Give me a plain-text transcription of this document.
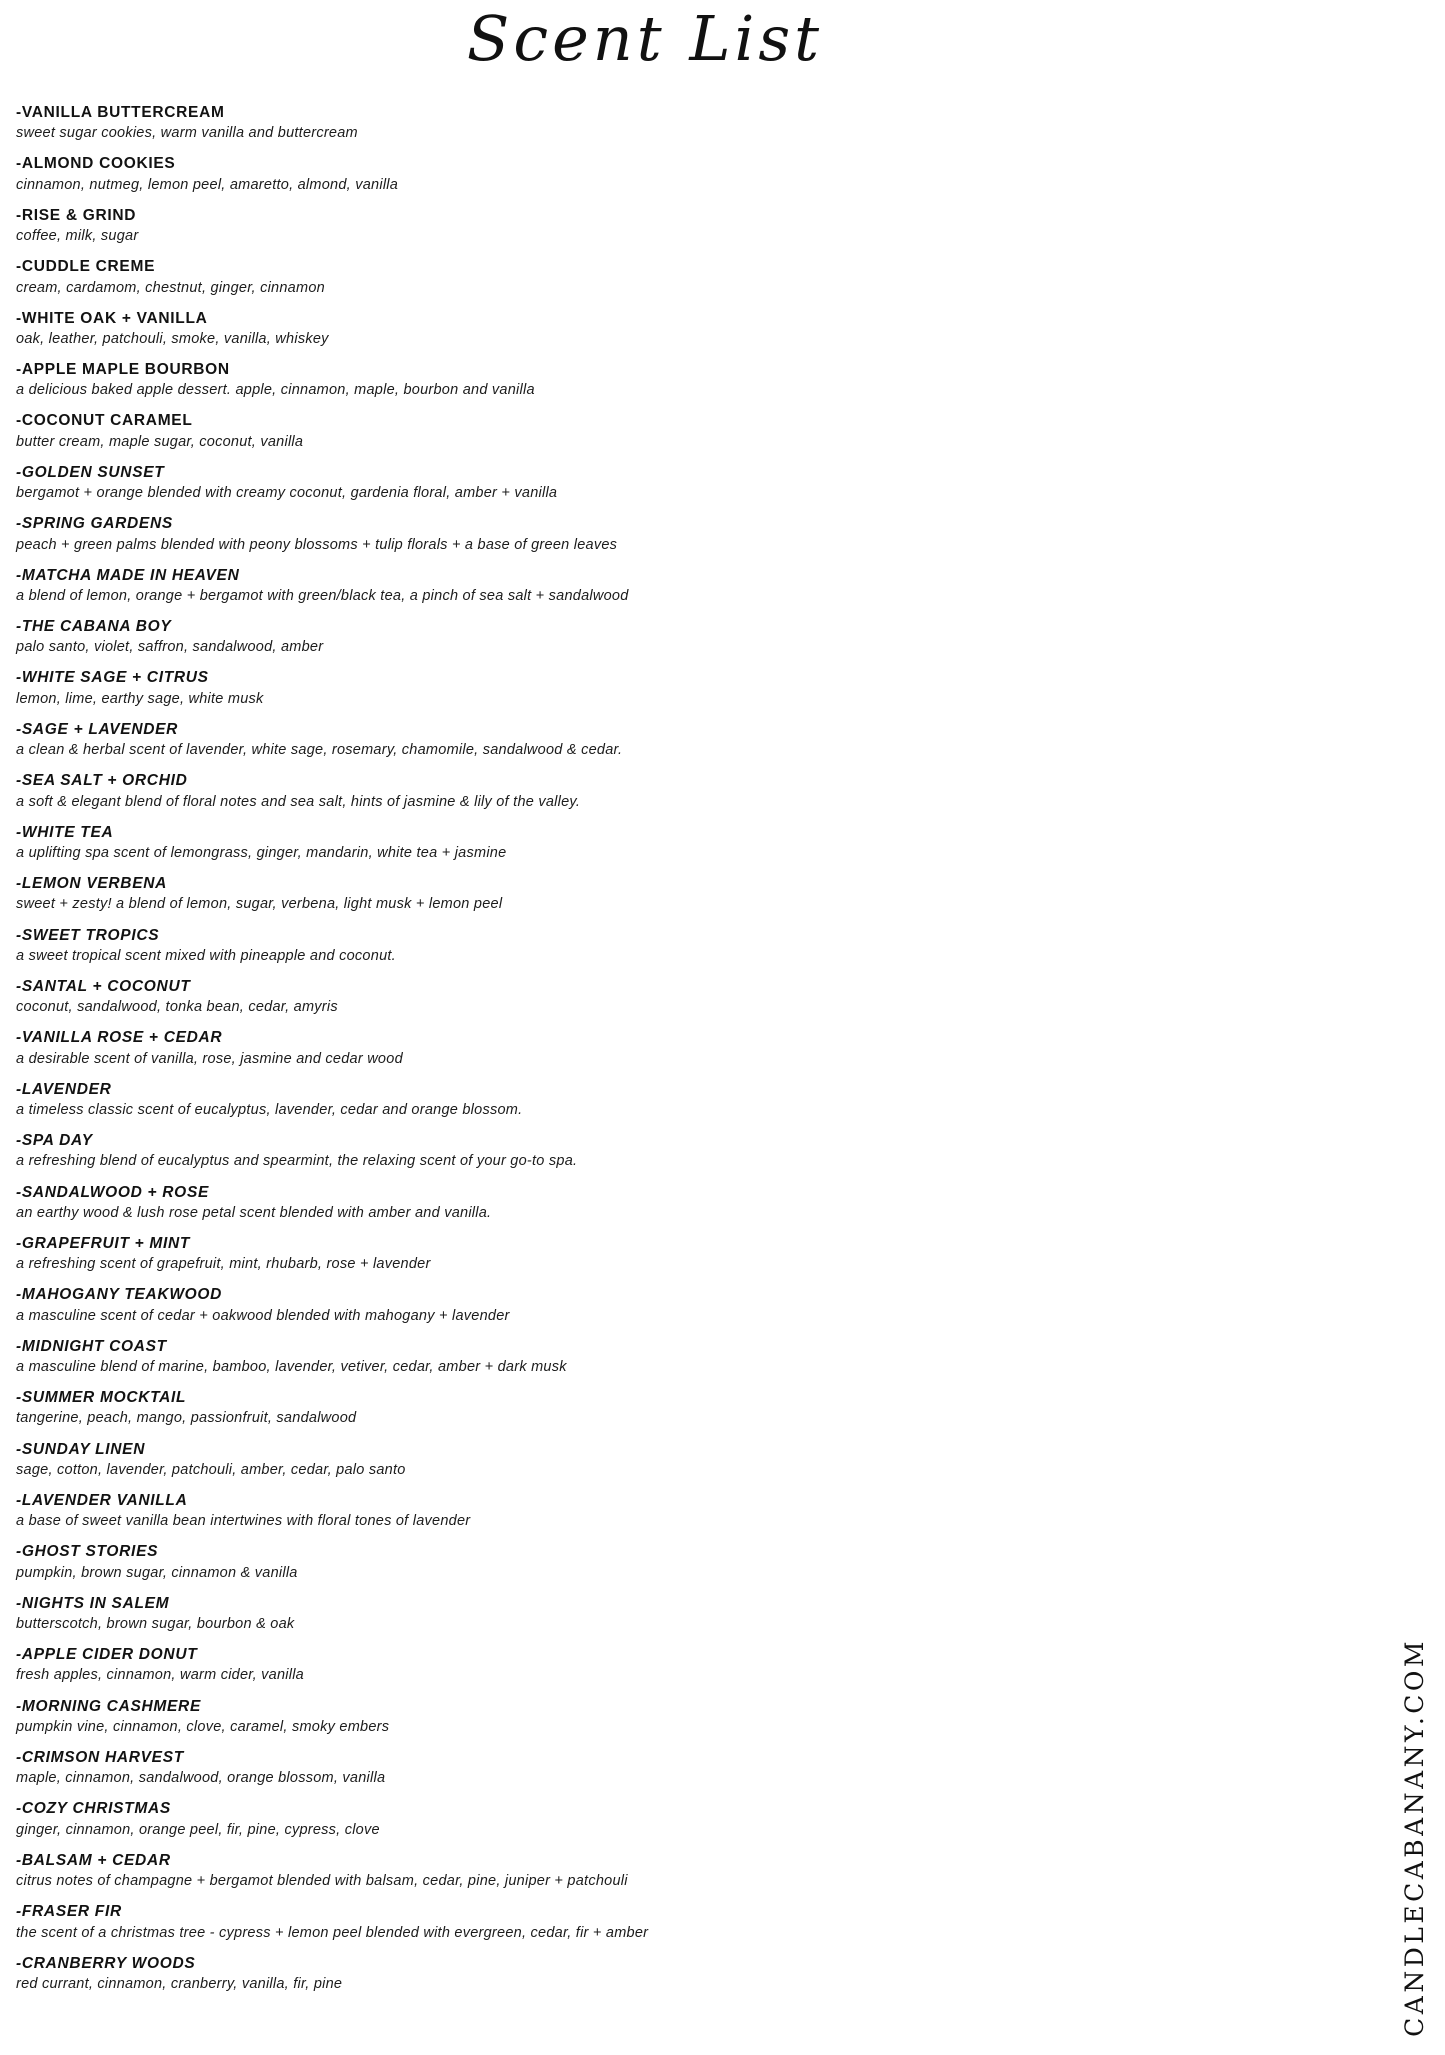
Scent List
-VANILLA BUTTERCREAM
sweet sugar cookies, warm vanilla and buttercream
-ALMOND COOKIES
cinnamon, nutmeg, lemon peel, amaretto, almond, vanilla
-RISE & GRIND
coffee, milk, sugar
-CUDDLE CREME
cream, cardamom, chestnut, ginger, cinnamon
-WHITE OAK + VANILLA
oak, leather, patchouli, smoke, vanilla, whiskey
-APPLE MAPLE BOURBON
a delicious baked apple dessert. apple, cinnamon, maple, bourbon and vanilla
-COCONUT CARAMEL
butter cream, maple sugar, coconut, vanilla
-GOLDEN SUNSET
bergamot + orange blended with creamy coconut, gardenia floral, amber + vanilla
-SPRING GARDENS
peach + green palms blended with peony blossoms + tulip florals + a base of green leaves
-MATCHA MADE IN HEAVEN
a blend of lemon, orange + bergamot with green/black tea, a pinch of sea salt + sandalwood
-THE CABANA BOY
palo santo, violet, saffron, sandalwood, amber
-WHITE SAGE + CITRUS
lemon, lime, earthy sage, white musk
-SAGE + LAVENDER
a clean & herbal scent of lavender, white sage, rosemary, chamomile, sandalwood & cedar.
-SEA SALT + ORCHID
a soft & elegant blend of floral notes and sea salt, hints of jasmine & lily of the valley.
-WHITE TEA
a uplifting spa scent of lemongrass, ginger, mandarin, white tea + jasmine
-LEMON VERBENA
sweet + zesty! a blend of lemon, sugar, verbena, light musk + lemon peel
-SWEET TROPICS
a sweet tropical scent mixed with pineapple and coconut.
-SANTAL + COCONUT
coconut, sandalwood, tonka bean, cedar, amyris
-VANILLA ROSE + CEDAR
a desirable scent of vanilla, rose, jasmine and cedar wood
-LAVENDER
a timeless classic scent of eucalyptus, lavender, cedar and orange blossom.
-SPA DAY
a refreshing blend of eucalyptus and spearmint, the relaxing scent of your go-to spa.
-SANDALWOOD + ROSE
an earthy wood & lush rose petal scent blended with amber and vanilla.
-GRAPEFRUIT + MINT
a refreshing scent of grapefruit, mint, rhubarb, rose + lavender
-MAHOGANY TEAKWOOD
a masculine scent of cedar + oakwood blended with mahogany + lavender
-MIDNIGHT COAST
a masculine blend of marine, bamboo, lavender, vetiver, cedar, amber + dark musk
-SUMMER MOCKTAIL
tangerine, peach, mango, passionfruit, sandalwood
-SUNDAY LINEN
sage, cotton, lavender, patchouli, amber, cedar, palo santo
-LAVENDER VANILLA
a base of sweet vanilla bean intertwines with floral tones of lavender
-GHOST STORIES
pumpkin, brown sugar, cinnamon & vanilla
-NIGHTS IN SALEM
butterscotch, brown sugar, bourbon & oak
-APPLE CIDER DONUT
fresh apples, cinnamon, warm cider, vanilla
-MORNING CASHMERE
pumpkin vine, cinnamon, clove, caramel, smoky embers
-CRIMSON HARVEST
maple, cinnamon, sandalwood, orange blossom, vanilla
-COZY CHRISTMAS
ginger, cinnamon, orange peel, fir, pine, cypress, clove
-BALSAM + CEDAR
citrus notes of champagne + bergamot blended with balsam, cedar, pine, juniper + patchouli
-FRASER FIR
the scent of a christmas tree - cypress + lemon peel blended with evergreen, cedar, fir + amber
-CRANBERRY WOODS
red currant, cinnamon, cranberry, vanilla, fir, pine	CANDLECABANANY.COM
